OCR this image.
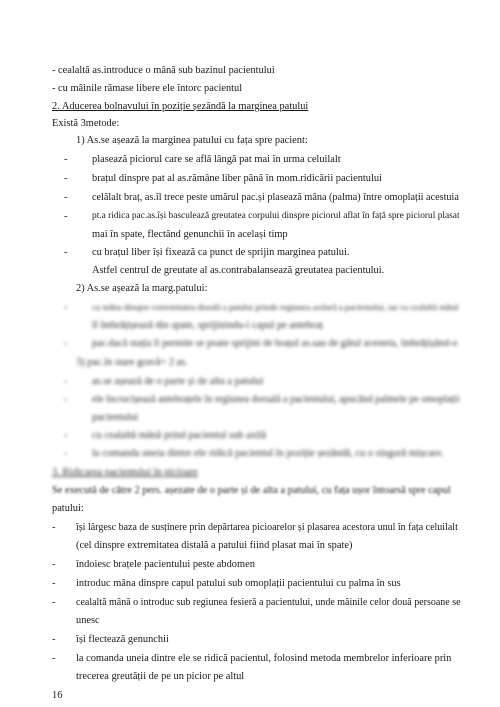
- cealaltă as.introduce o mână sub bazinul pacientului
- cu mâinile rămase libere ele întorc pacientul
2. Aducerea bolnavului în poziție șezândă la marginea patului
Există 3metode:
1) As.se așează la marginea patului cu fața spre pacient:
- plasează piciorul care se află lângă pat mai în urma celuilalt
- brațul dinspre pat al as.rămâne liber până în mom.ridicării pacientului
- celălalt braț, as.îl trece peste umărul pac.și plasează mâna (palma) între omoplații acestuia
-	pt.a ridica pac.as.își basculează greutatea corpului dinspre piciorul aflat în față spre piciorul plasat
mai în spate, flectând genunchii în același timp
- cu brațul liber își fixează ca punct de sprijin marginea patului.
Astfel centrul de greutate al as.contrabalansează greutatea pacientului.
2) As.se așează la marg.patului:
-	cu mâna dinspre extremitatea distală a patului prinde regiunea axilară a pacientului, iar cu cealaltă mână
îl îmbrățișează din spate, sprijinindu-i capul pe antebraț
- pac.dacă stația îi permite se poate sprijini de brațul as.sau de gâtul acesteia, îmbrățișând-o
3) pac.în stare gravă= 2 as.
- as.se așează de o parte și de alta a patului
- ele încrucișează antebrațele în regiunea dorsală a pacientului, apucând palmele pe omoplații
pacientului
- cu cealaltă mână prind pacientul sub axilă
- la comanda uneia dintre ele ridică pacientul în poziție șezândă, cu o singură mișcare.
3. Ridicarea pacientului în picioare
Se execută de către 2 pers. așezate de o parte și de alta a patului, cu fața ușor întoarsă spre capul
patului:
- își lărgesc baza de susținere prin depărtarea picioarelor și plasarea acestora unul în fața celuilalt
(cel dinspre extremitatea distală a patului fiind plasat mai în spate)
- îndoiesc brațele pacientului peste abdomen
- introduc mâna dinspre capul patului sub omoplații pacientului cu palma în sus
- cealaltă mână o introduc sub regiunea fesieră a pacientului, unde mâinile celor două persoane se
unesc
- își flectează genunchii
- la comanda uneia dintre ele se ridică pacientul, folosind metoda membrelor inferioare prin
trecerea greutății de pe un picior pe altul
16
